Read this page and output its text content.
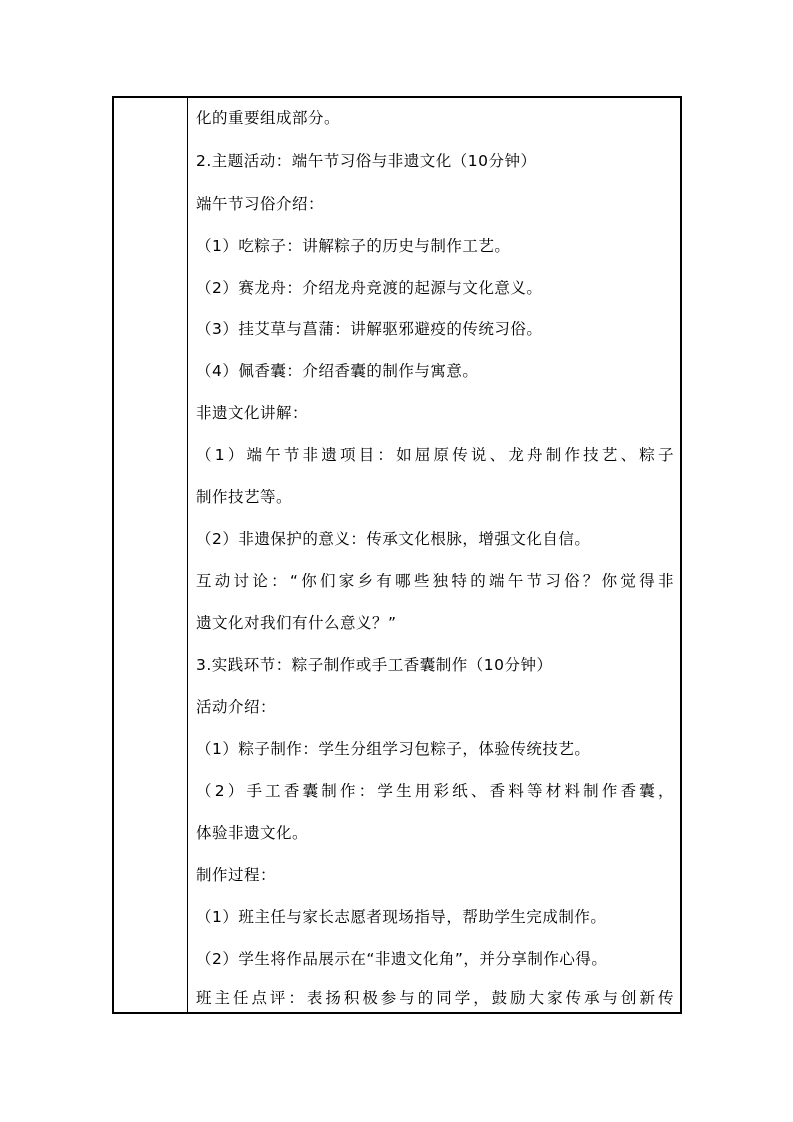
化的重要组成部分。
2.主题活动：端午节习俗与非遗文化（10分钟）
端午节习俗介绍：
（1）吃粽子：讲解粽子的历史与制作工艺。
（2）赛龙舟：介绍龙舟竞渡的起源与文化意义。
（3）挂艾草与菖蒲：讲解驱邪避疫的传统习俗。
（4）佩香囊：介绍香囊的制作与寓意。
非遗文化讲解：
（1）端午节非遗项目：如屈原传说、龙舟制作技艺、粽子
制作技艺等。
（2）非遗保护的意义：传承文化根脉，增强文化自信。
互动讨论：“你们家乡有哪些独特的端午节习俗？你觉得非
遗文化对我们有什么意义？”
3.实践环节：粽子制作或手工香囊制作（10分钟）
活动介绍：
（1）粽子制作：学生分组学习包粽子，体验传统技艺。
（2）手工香囊制作：学生用彩纸、香料等材料制作香囊，
体验非遗文化。
制作过程：
（1）班主任与家长志愿者现场指导，帮助学生完成制作。
（2）学生将作品展示在“非遗文化角”，并分享制作心得。
班主任点评：表扬积极参与的同学，鼓励大家传承与创新传
